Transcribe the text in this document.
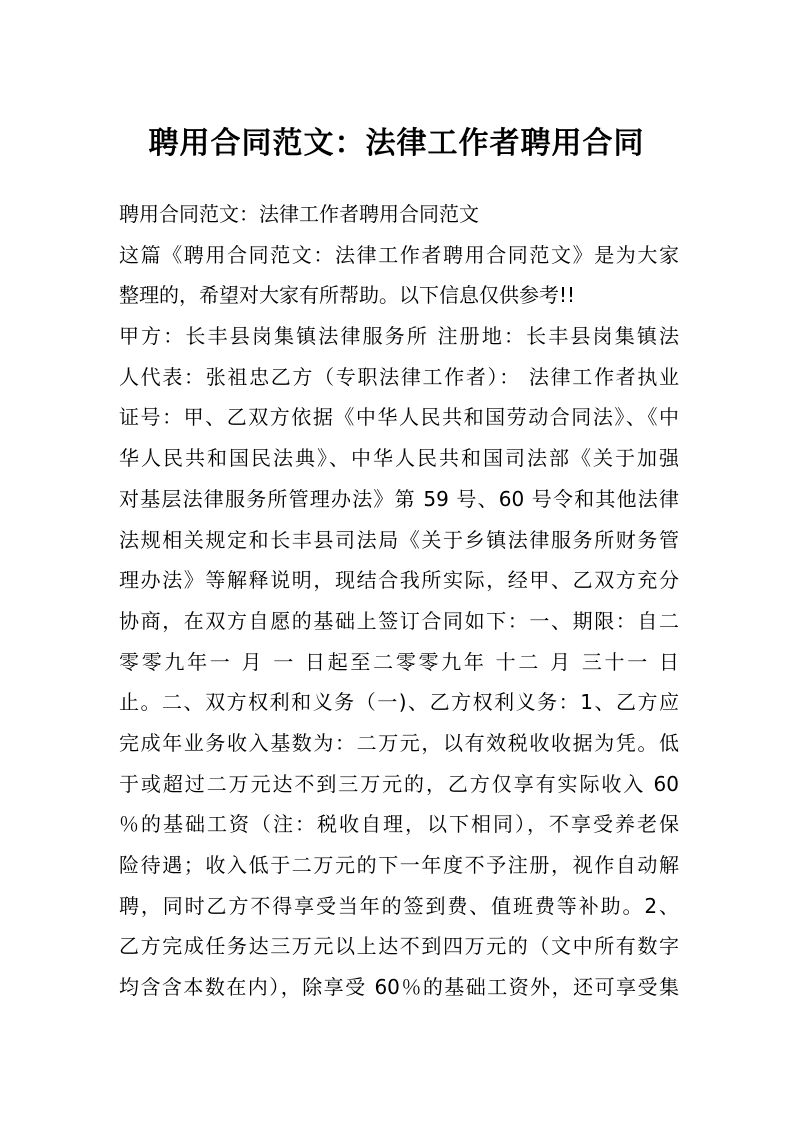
聘用合同范文：法律工作者聘用合同
聘用合同范文：法律工作者聘用合同范文
这篇《聘用合同范文：法律工作者聘用合同范文》是为大家
整理的，希望对大家有所帮助。以下信息仅供参考!!
甲方：长丰县岗集镇法律服务所 注册地：长丰县岗集镇法
人代表：张祖忠乙方（专职法律工作者）： 法律工作者执业
证号：甲、乙双方依据《中华人民共和国劳动合同法》、《中
华人民共和国民法典》、中华人民共和国司法部《关于加强
对基层法律服务所管理办法》第 59 号、60 号令和其他法律
法规相关规定和长丰县司法局《关于乡镇法律服务所财务管
理办法》等解释说明，现结合我所实际，经甲、乙双方充分
协商，在双方自愿的基础上签订合同如下：一、期限：自二
零零九年一 月 一 日起至二零零九年 十二 月 三十一 日
止。二、双方权利和义务（一)、乙方权利义务：1、乙方应
完成年业务收入基数为：二万元，以有效税收收据为凭。低
于或超过二万元达不到三万元的，乙方仅享有实际收入 60
％的基础工资（注：税收自理，以下相同），不享受养老保
险待遇；收入低于二万元的下一年度不予注册，视作自动解
聘，同时乙方不得享受当年的签到费、值班费等补助。2、
乙方完成任务达三万元以上达不到四万元的（文中所有数字
均含含本数在内），除享受 60％的基础工资外，还可享受集
